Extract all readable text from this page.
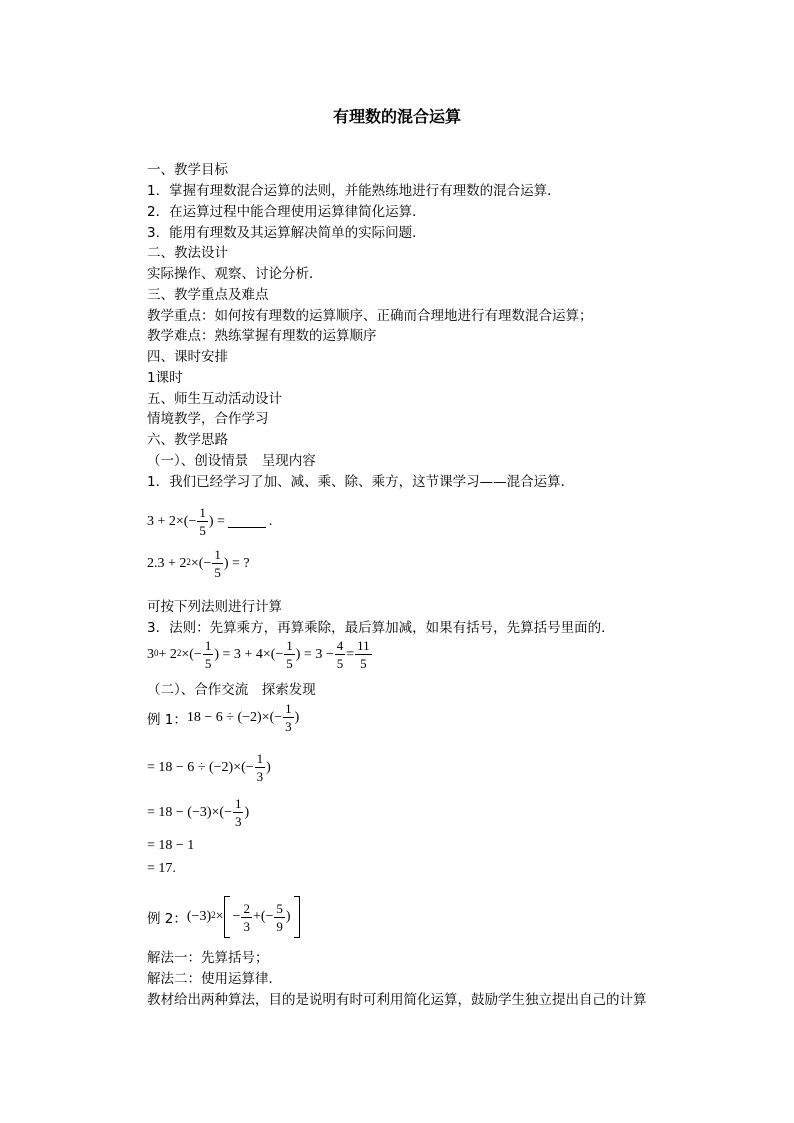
有理数的混合运算
一、教学目标
1．掌握有理数混合运算的法则，并能熟练地进行有理数的混合运算．
2．在运算过程中能合理使用运算律简化运算．
3．能用有理数及其运算解决简单的实际问题．
二、教法设计
实际操作、观察、讨论分析．
三、教学重点及难点
教学重点：如何按有理数的运算顺序、正确而合理地进行有理数混合运算；
教学难点：熟练掌握有理数的运算顺序
四、课时安排
1课时
五、师生互动活动设计
情境教学，合作学习
六、教学思路
（一）、创设情景　呈现内容
1．我们已经学习了加、减、乘、除、乘方，这节课学习——混合运算．
$3 + 2\times(- \frac{1}{5}$ ) =	.
2.3 + 2 2 ×(− $\frac{1}{5}$ ) = ?
可按下列法则进行计算
3．法则：先算乘方，再算乘除，最后算加减，如果有括号，先算括号里面的．
3 0 + 2 2 ×(− $\frac{1}{5}$ ) = $3 + 4\times(- \frac{1}{5}$ ) = $3 - \frac{4}{5} = \frac{11}{5}$
（二）、合作交流　探索发现
例 1： $18 - 6 \div (-2)\times(- \frac{1}{3}$ )
= $18 - 6 \div (-2)\times(- \frac{1}{3}$ )
= $18 - (-3)\times(- \frac{1}{3}$ )
= 18 − 1
= 17.
例 2： (−3) 2 × − $\frac{2}{3}$ +(− $\frac{5}{9}$ )
解法一：先算括号；
解法二：使用运算律．
教材给出两种算法，目的是说明有时可利用简化运算，鼓励学生独立提出自己的计算
